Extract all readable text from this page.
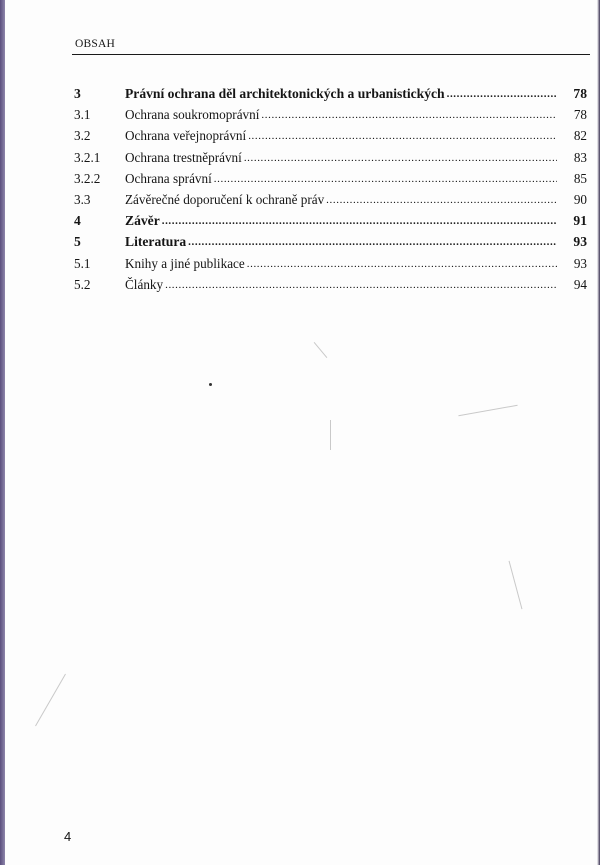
OBSAH
3	Právní ochrana děl architektonických a urbanistických .....	78
3.1	Ochrana soukromoprávní .....	78
3.2	Ochrana veřejnoprávní .....	82
3.2.1	Ochrana trestněprávní .....	83
3.2.2	Ochrana správní .....	85
3.3	Závěrečné doporučení k ochraně práv .....	90
4	Závěr .....	91
5	Literatura .....	93
5.1	Knihy a jiné publikace .....	93
5.2	Články .....	94
4
